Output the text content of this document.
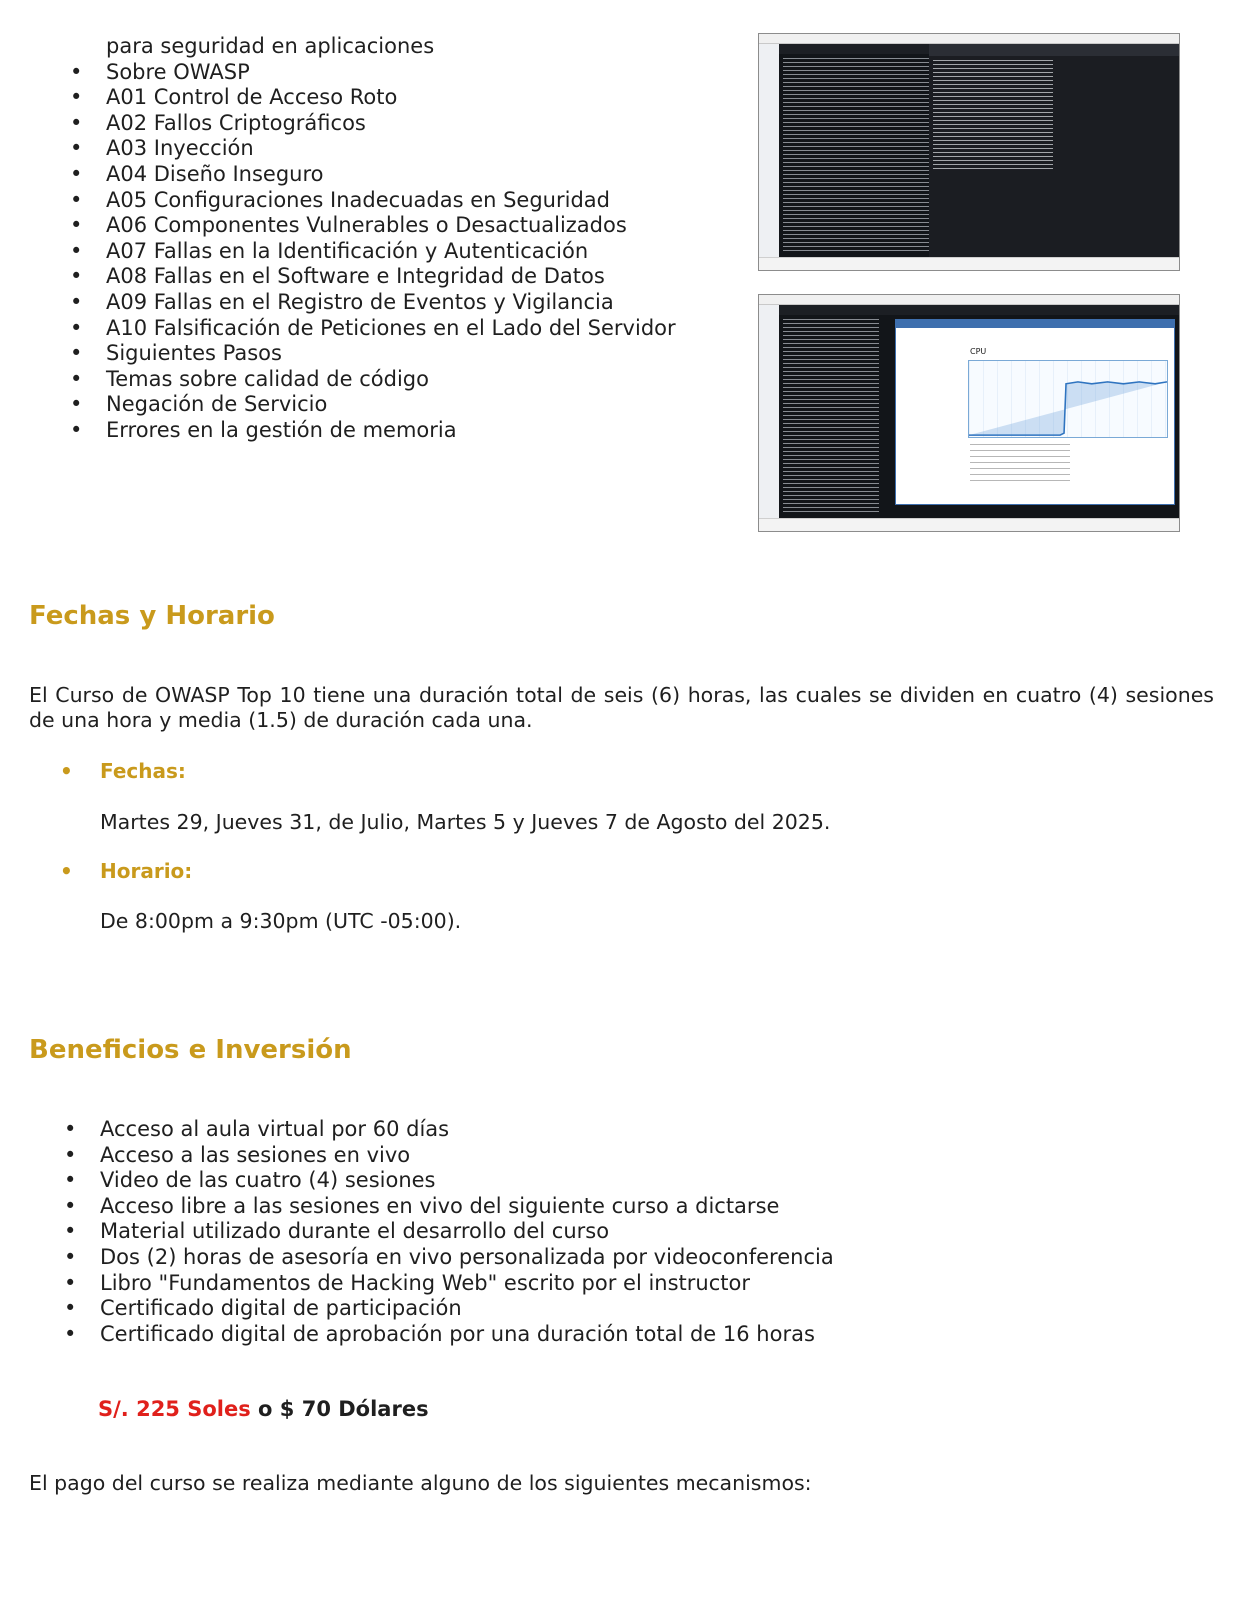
para seguridad en aplicaciones
• Sobre OWASP
• A01 Control de Acceso Roto
• A02 Fallos Criptográficos
• A03 Inyección
• A04 Diseño Inseguro
• A05 Configuraciones Inadecuadas en Seguridad
• A06 Componentes Vulnerables o Desactualizados
• A07 Fallas en la Identificación y Autenticación
• A08 Fallas en el Software e Integridad de Datos
• A09 Fallas en el Registro de Eventos y Vigilancia
• A10 Falsificación de Peticiones en el Lado del Servidor
• Siguientes Pasos
• Temas sobre calidad de código
• Negación de Servicio
• Errores en la gestión de memoria
CPU
Fechas y Horario

El Curso de OWASP Top 10 tiene una duración total de seis (6) horas, las cuales se dividen en cuatro (4) sesiones de una hora y media (1.5) de duración cada una.

• Fechas:

Martes 29, Jueves 31, de Julio, Martes 5 y Jueves 7 de Agosto del 2025.

• Horario:

De 8:00pm a 9:30pm (UTC -05:00).

Beneficios e Inversión
• Acceso al aula virtual por 60 días
• Acceso a las sesiones en vivo
• Video de las cuatro (4) sesiones
• Acceso libre a las sesiones en vivo del siguiente curso a dictarse
• Material utilizado durante el desarrollo del curso
• Dos (2) horas de asesoría en vivo personalizada por videoconferencia
• Libro "Fundamentos de Hacking Web" escrito por el instructor
• Certificado digital de participación
• Certificado digital de aprobación por una duración total de 16 horas
S/. 225 Soles o $ 70 Dólares

El pago del curso se realiza mediante alguno de los siguientes mecanismos:
